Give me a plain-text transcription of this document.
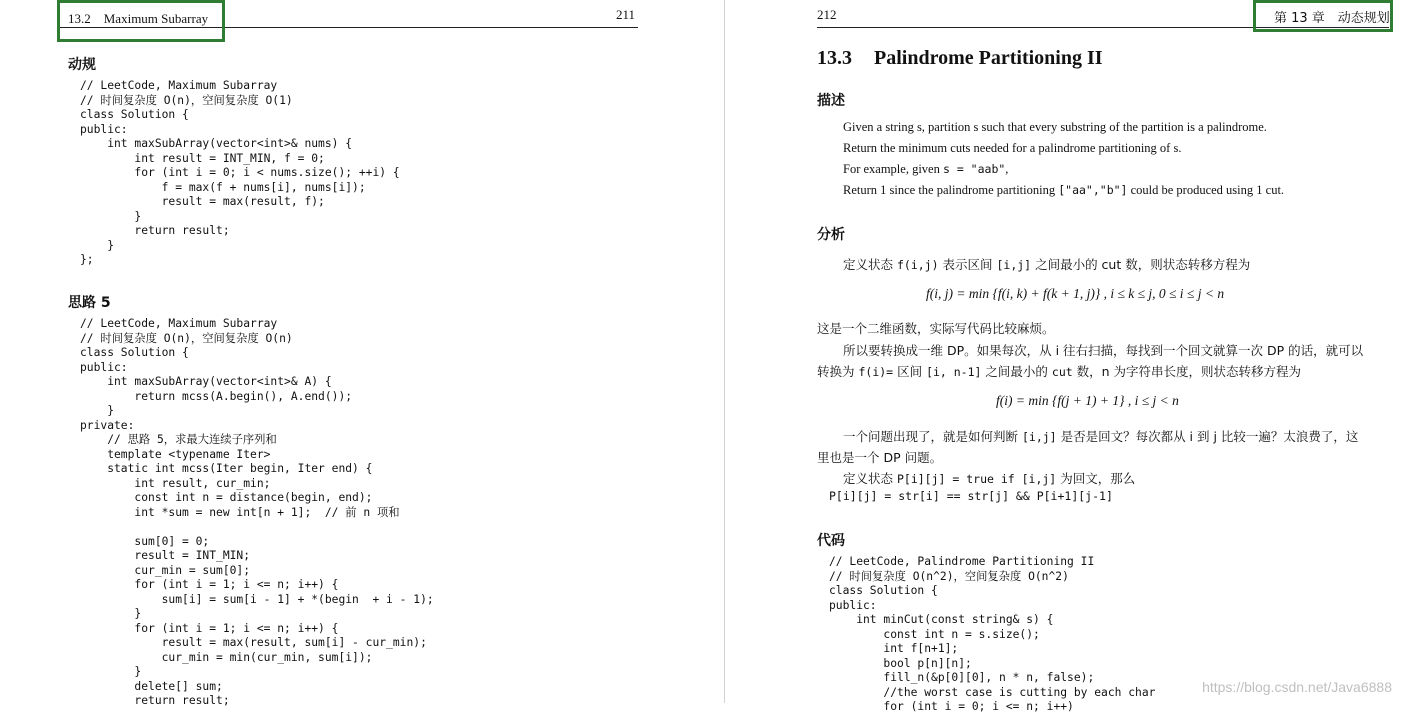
13.2　Maximum Subarray	211
动规
// LeetCode, Maximum Subarray
// 时间复杂度 O(n)，空间复杂度 O(1)
class Solution {
public:
int maxSubArray(vector<int>& nums) {
int result = INT_MIN, f = 0;
for (int i = 0; i < nums.size(); ++i) {
f = max(f + nums[i], nums[i]);
result = max(result, f);
}
return result;
}
};
思路 5
// LeetCode, Maximum Subarray
// 时间复杂度 O(n)，空间复杂度 O(n)
class Solution {
public:
int maxSubArray(vector<int>& A) {
return mcss(A.begin(), A.end());
}
private:
// 思路 5，求最大连续子序列和
template <typename Iter>
static int mcss(Iter begin, Iter end) {
int result, cur_min;
const int n = distance(begin, end);
int *sum = new int[n + 1];  // 前 n 项和

sum[0] = 0;
result = INT_MIN;
cur_min = sum[0];
for (int i = 1; i <= n; i++) {
sum[i] = sum[i - 1] + *(begin  + i - 1);
}
for (int i = 1; i <= n; i++) {
result = max(result, sum[i] - cur_min);
cur_min = min(cur_min, sum[i]);
}
delete[] sum;
return result;
212	第 13 章　动态规划
13.3 Palindrome Partitioning II
描述
Given a string s, partition s such that every substring of the partition is a palindrome.
Return the minimum cuts needed for a palindrome partitioning of s.
For example, given s = "aab",
Return 1 since the palindrome partitioning ["aa","b"] could be produced using 1 cut.
分析
定义状态 f(i,j) 表示区间 [i,j] 之间最小的 cut 数，则状态转移方程为
f(i, j) = min {f(i, k) + f(k + 1, j)} , i ≤ k ≤ j, 0 ≤ i ≤ j < n
这是一个二维函数，实际写代码比较麻烦。
所以要转换成一维 DP。如果每次，从 i 往右扫描，每找到一个回文就算一次 DP 的话，就可以
转换为 f(i)= 区间 [i, n-1] 之间最小的 cut 数，n 为字符串长度，则状态转移方程为
f(i) = min {f(j + 1) + 1} , i ≤ j < n
一个问题出现了，就是如何判断 [i,j] 是否是回文？每次都从 i 到 j 比较一遍？太浪费了，这
里也是一个 DP 问题。
定义状态 P[i][j] = true if [i,j] 为回文，那么
P[i][j] = str[i] == str[j] && P[i+1][j-1]
代码
// LeetCode, Palindrome Partitioning II
// 时间复杂度 O(n^2)，空间复杂度 O(n^2)
class Solution {
public:
int minCut(const string& s) {
const int n = s.size();
int f[n+1];
bool p[n][n];
fill_n(&p[0][0], n * n, false);
//the worst case is cutting by each char
for (int i = 0; i <= n; i++)
https://blog.csdn.net/Java6888
